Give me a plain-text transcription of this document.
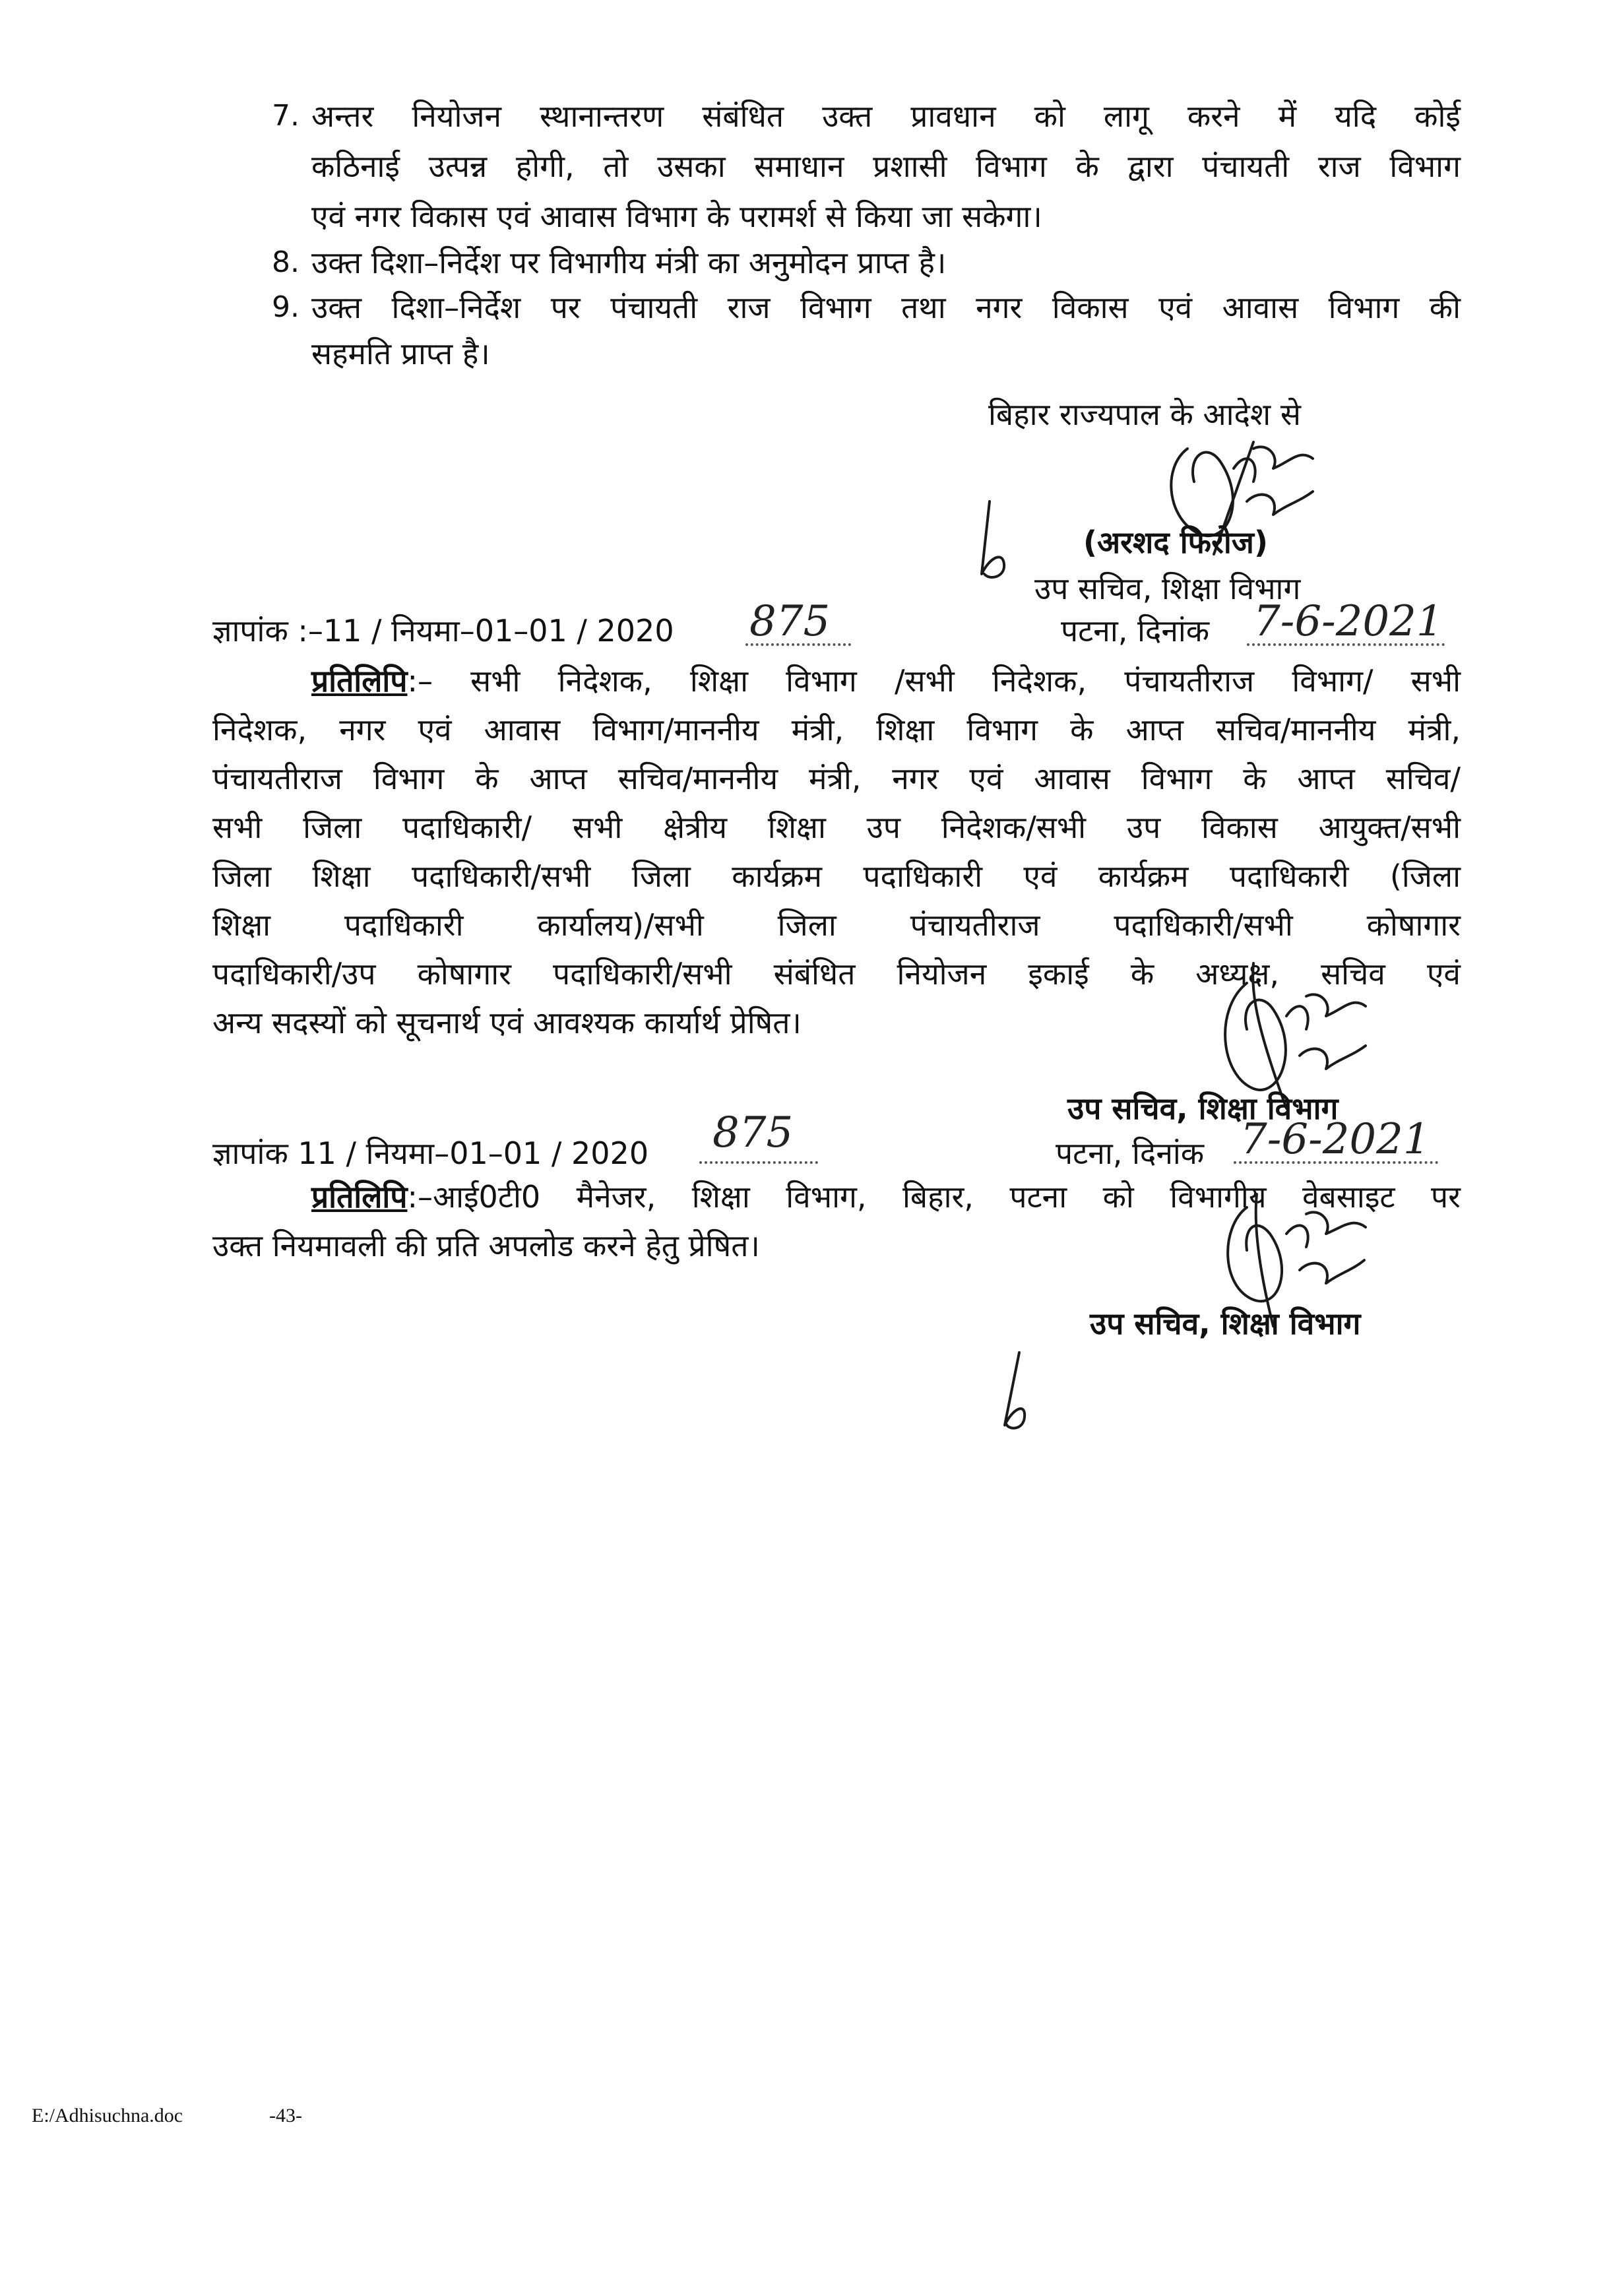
7. अन्तर नियोजन स्थानान्तरण संबंधित उक्त प्रावधान को लागू करने में यदि कोई
कठिनाई उत्पन्न होगी, तो उसका समाधान प्रशासी विभाग के द्वारा पंचायती राज विभाग
एवं नगर विकास एवं आवास विभाग के परामर्श से किया जा सकेगा।
8. उक्त दिशा–निर्देश पर विभागीय मंत्री का अनुमोदन प्राप्त है।
9. उक्त दिशा–निर्देश पर पंचायती राज विभाग तथा नगर विकास एवं आवास विभाग की
सहमति प्राप्त है।
बिहार राज्यपाल के आदेश से
(अरशद फिरोज)
उप सचिव, शिक्षा विभाग
ज्ञापांक :–11 / नियमा–01–01 / 2020 875	पटना, दिनांक 7-6-2021
प्रतिलिपि:– सभी निदेशक, शिक्षा विभाग /सभी निदेशक, पंचायतीराज विभाग/ सभी
निदेशक, नगर एवं आवास विभाग/माननीय मंत्री, शिक्षा विभाग के आप्त सचिव/माननीय मंत्री,
पंचायतीराज विभाग के आप्त सचिव/माननीय मंत्री, नगर एवं आवास विभाग के आप्त सचिव/
सभी जिला पदाधिकारी/ सभी क्षेत्रीय शिक्षा उप निदेशक/सभी उप विकास आयुक्त/सभी
जिला शिक्षा पदाधिकारी/सभी जिला कार्यक्रम पदाधिकारी एवं कार्यक्रम पदाधिकारी (जिला
शिक्षा पदाधिकारी कार्यालय)/सभी जिला पंचायतीराज पदाधिकारी/सभी कोषागार
पदाधिकारी/उप कोषागार पदाधिकारी/सभी संबंधित नियोजन इकाई के अध्यक्ष, सचिव एवं
अन्य सदस्यों को सूचनार्थ एवं आवश्यक कार्यार्थ प्रेषित।
उप सचिव, शिक्षा विभाग
ज्ञापांक 11 / नियमा–01–01 / 2020 875	पटना, दिनांक 7-6-2021
प्रतिलिपि:–आई0टी0 मैनेजर, शिक्षा विभाग, बिहार, पटना को विभागीय वेबसाइट पर
उक्त नियमावली की प्रति अपलोड करने हेतु प्रेषित।
उप सचिव, शिक्षा विभाग
E:/Adhisuchna.doc	-43-
